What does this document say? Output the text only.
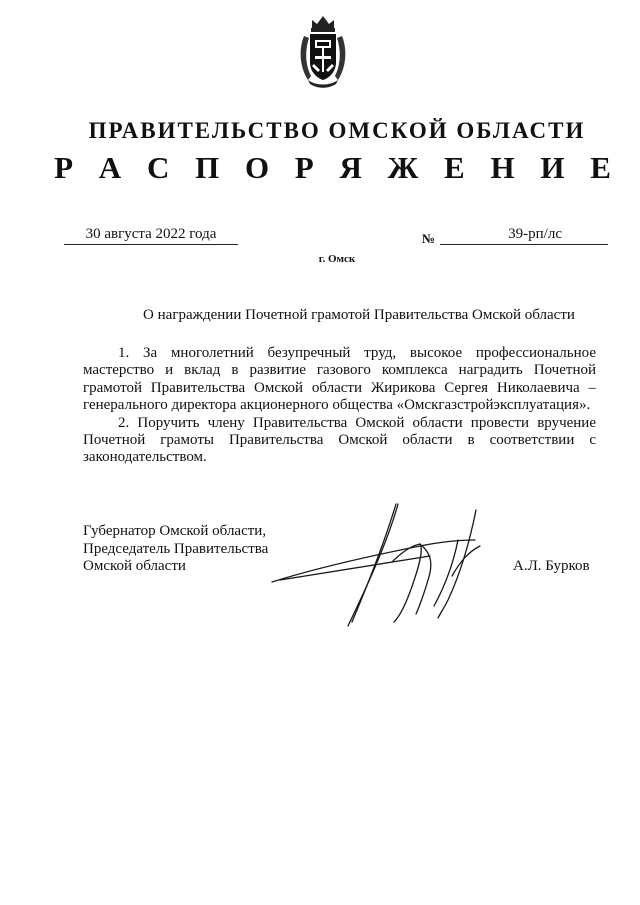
ПРАВИТЕЛЬСТВО ОМСКОЙ ОБЛАСТИ
Р А С П О Р Я Ж Е Н И Е
30 августа 2022 года	№	39-рп/лс
г. Омск
О награждении Почетной грамотой Правительства Омской области

1. За многолетний безупречный труд, высокое профессиональное мастерство и вклад в развитие газового комплекса наградить Почетной грамотой Правительства Омской области Жирикова Сергея Николаевича – генерального директора акционерного общества «Омскгазстройэксплуатация».

2. Поручить члену Правительства Омской области провести вручение Почетной грамоты Правительства Омской области в соответствии с законодательством.

Губернатор Омской области,
Председатель Правительства
Омской области	А.Л. Бурков
